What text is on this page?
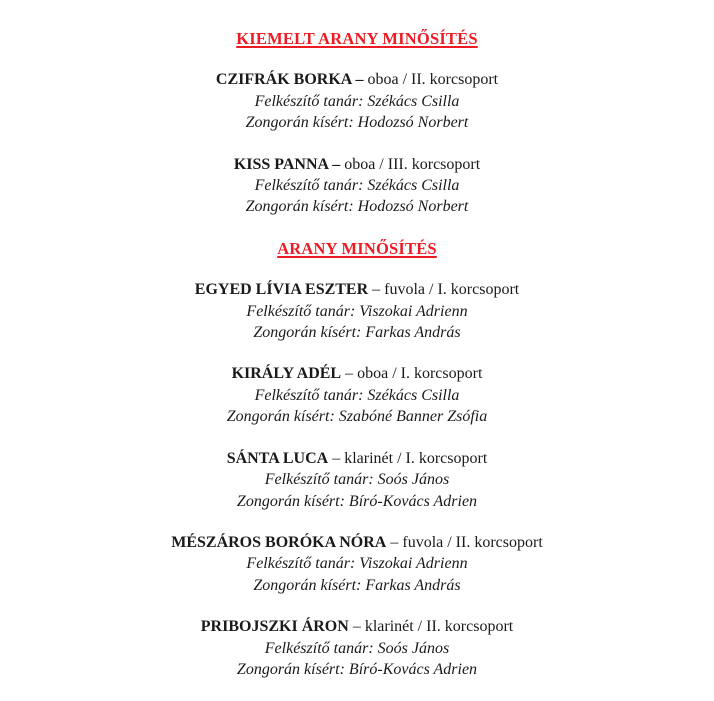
KIEMELT ARANY MINŐSÍTÉS
CZIFRÁK BORKA – oboa / II. korcsoport
Felkészítő tanár: Székács Csilla
Zongorán kísért: Hodozsó Norbert
KISS PANNA – oboa / III. korcsoport
Felkészítő tanár: Székács Csilla
Zongorán kísért: Hodozsó Norbert
ARANY MINŐSÍTÉS
EGYED LÍVIA ESZTER – fuvola / I. korcsoport
Felkészítő tanár: Viszokai Adrienn
Zongorán kísért: Farkas András
KIRÁLY ADÉL – oboa / I. korcsoport
Felkészítő tanár: Székács Csilla
Zongorán kísért: Szabóné Banner Zsófia
SÁNTA LUCA – klarinét / I. korcsoport
Felkészítő tanár: Soós János
Zongorán kísért: Bíró-Kovács Adrien
MÉSZÁROS BORÓKA NÓRA – fuvola / II. korcsoport
Felkészítő tanár: Viszokai Adrienn
Zongorán kísért: Farkas András
PRIBOJSZKI ÁRON – klarinét / II. korcsoport
Felkészítő tanár: Soós János
Zongorán kísért: Bíró-Kovács Adrien
